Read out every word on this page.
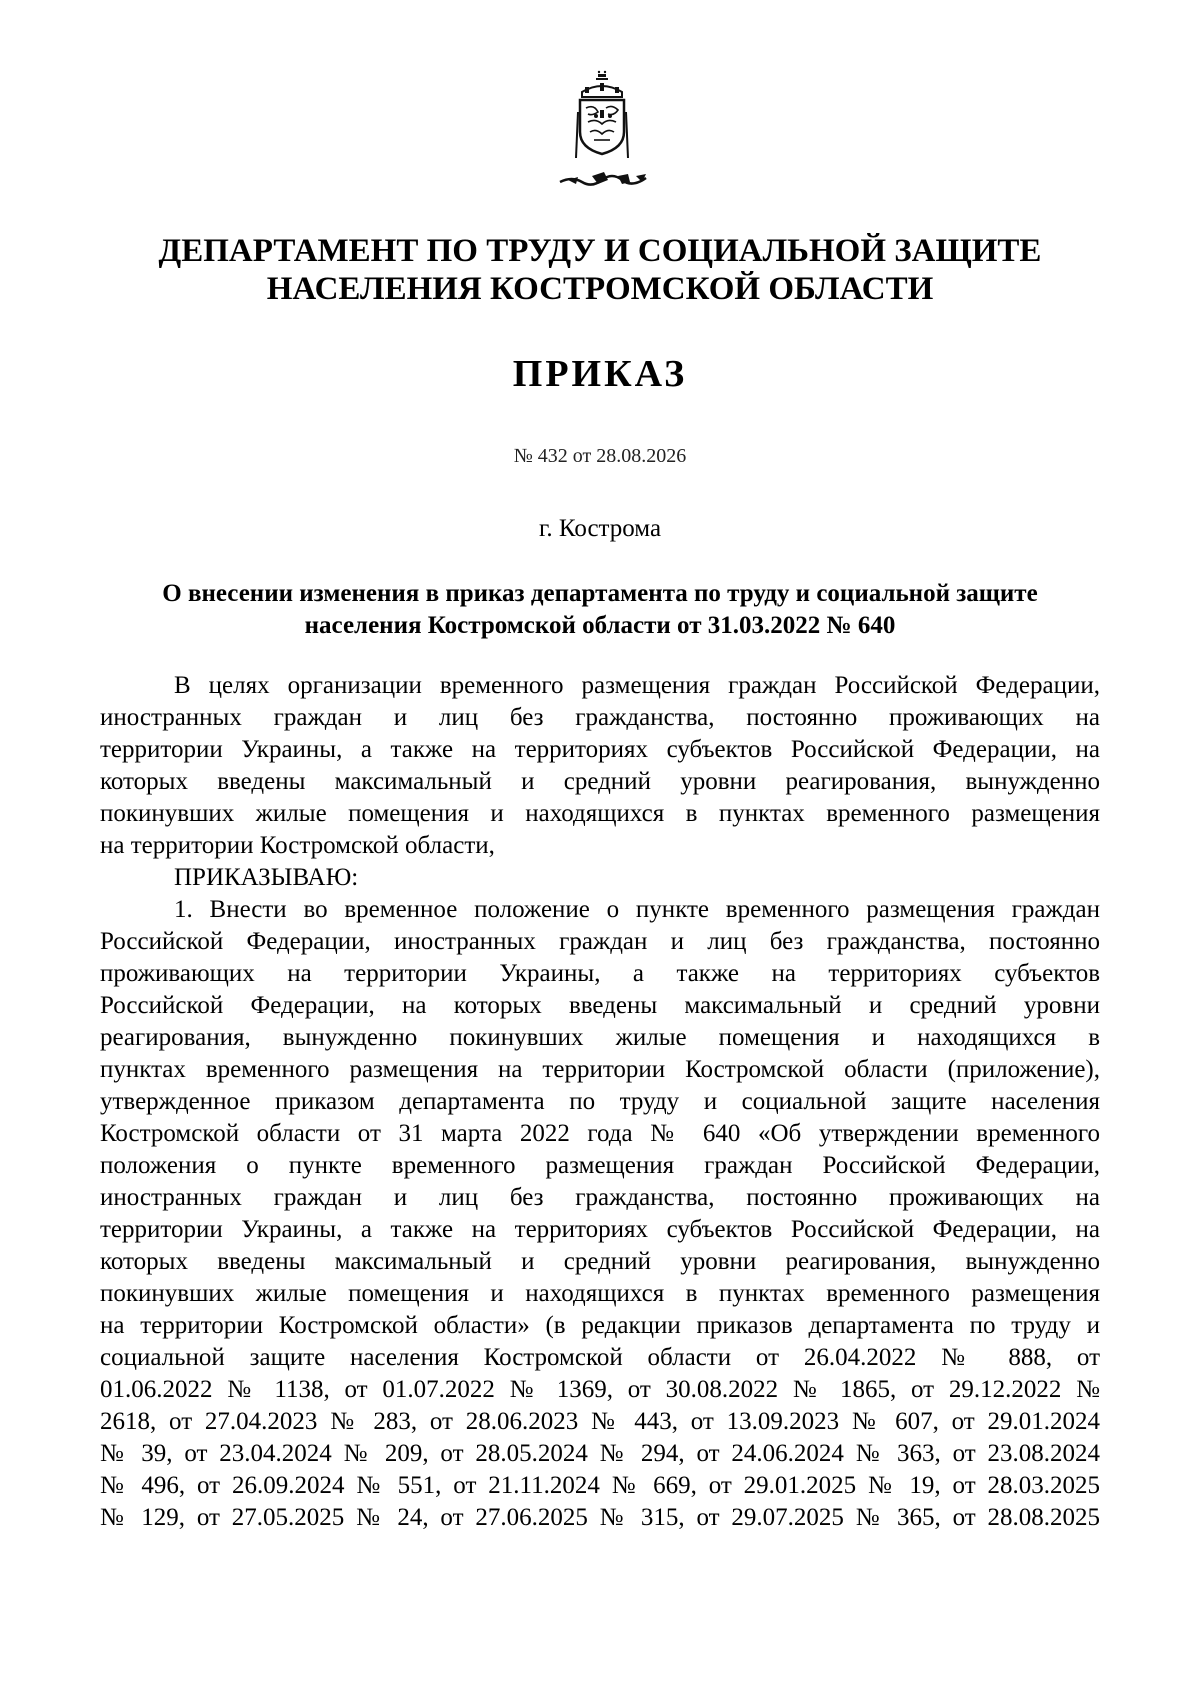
ДЕПАРТАМЕНТ ПО ТРУДУ И СОЦИАЛЬНОЙ ЗАЩИТЕ
НАСЕЛЕНИЯ КОСТРОМСКОЙ ОБЛАСТИ
ПРИКАЗ
№ 432 от 28.08.2026
г. Кострома
О внесении изменения в приказ департамента по труду и социальной защите
населения Костромской области от 31.03.2022 № 640
В целях организации временного размещения граждан Российской Федерации,
иностранных граждан и лиц без гражданства, постоянно проживающих на
территории Украины, а также на территориях субъектов Российской Федерации, на
которых введены максимальный и средний уровни реагирования, вынужденно
покинувших жилые помещения и находящихся в пунктах временного размещения
на территории Костромской области,
ПРИКАЗЫВАЮ:
1. Внести во временное положение о пункте временного размещения граждан
Российской Федерации, иностранных граждан и лиц без гражданства, постоянно
проживающих на территории Украины, а также на территориях субъектов
Российской Федерации, на которых введены максимальный и средний уровни
реагирования, вынужденно покинувших жилые помещения и находящихся в
пунктах временного размещения на территории Костромской области (приложение),
утвержденное приказом департамента по труду и социальной защите населения
Костромской области от 31 марта 2022 года № 640 «Об утверждении временного
положения о пункте временного размещения граждан Российской Федерации,
иностранных граждан и лиц без гражданства, постоянно проживающих на
территории Украины, а также на территориях субъектов Российской Федерации, на
которых введены максимальный и средний уровни реагирования, вынужденно
покинувших жилые помещения и находящихся в пунктах временного размещения
на территории Костромской области» (в редакции приказов департамента по труду и
социальной защите населения Костромской области от 26.04.2022 № 888, от
01.06.2022 № 1138, от 01.07.2022 № 1369, от 30.08.2022 № 1865, от 29.12.2022 №
2618, от 27.04.2023 № 283, от 28.06.2023 № 443, от 13.09.2023 № 607, от 29.01.2024
№ 39, от 23.04.2024 № 209, от 28.05.2024 № 294, от 24.06.2024 № 363, от 23.08.2024
№ 496, от 26.09.2024 № 551, от 21.11.2024 № 669, от 29.01.2025 № 19, от 28.03.2025
№ 129, от 27.05.2025 № 24, от 27.06.2025 № 315, от 29.07.2025 № 365, от 28.08.2025
